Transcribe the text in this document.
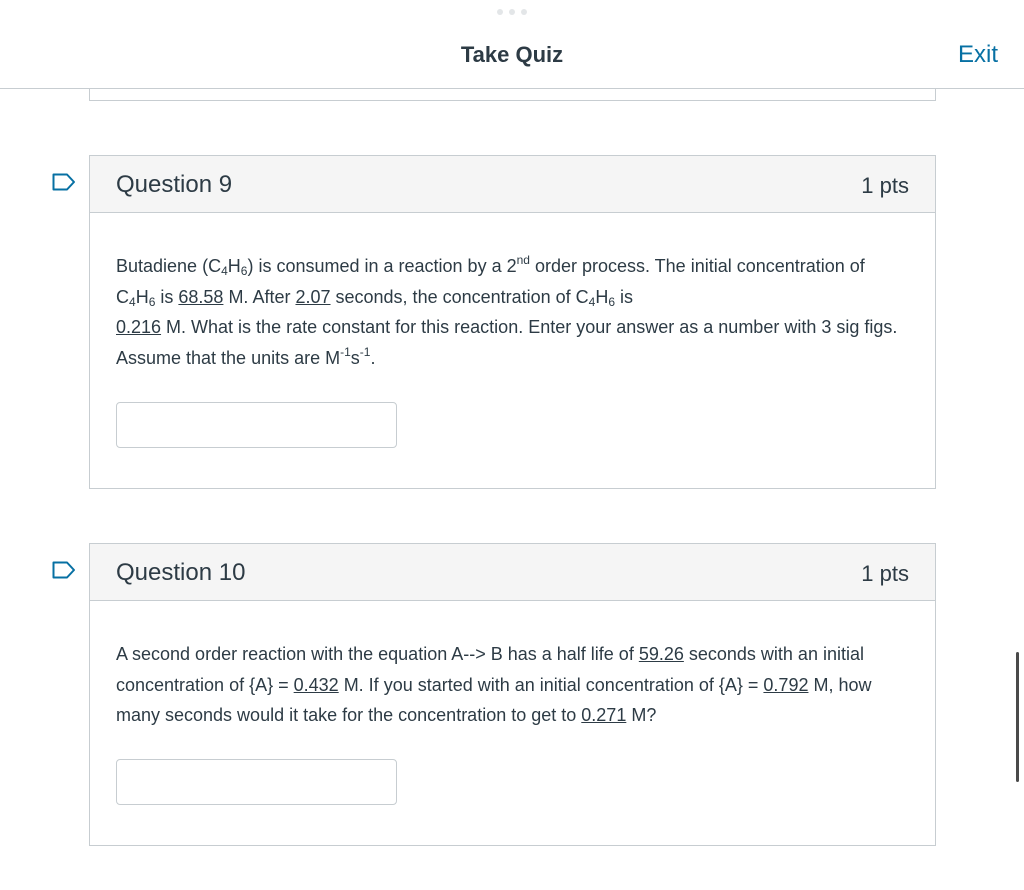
Take Quiz	Exit
Question 9	1 pts
Butadiene $(C_4H_6)$ is consumed in a reaction by a 2nd order process. The initial concentration of $C_4H_6$ is 68.58 M. After 2.07 seconds, the concentration of $C_4H_6$ is
0.216 M. What is the rate constant for this reaction. Enter your answer as a number with 3 sig figs. Assume that the units are $M^{-1}s^{-1}$.
Question 10	1 pts
A second order reaction with the equation A--> B has a half life of 59.26 seconds with an initial concentration of {A} = 0.432 M. If you started with an initial concentration of {A} = 0.792 M, how many seconds would it take for the concentration to get to 0.271 M?
